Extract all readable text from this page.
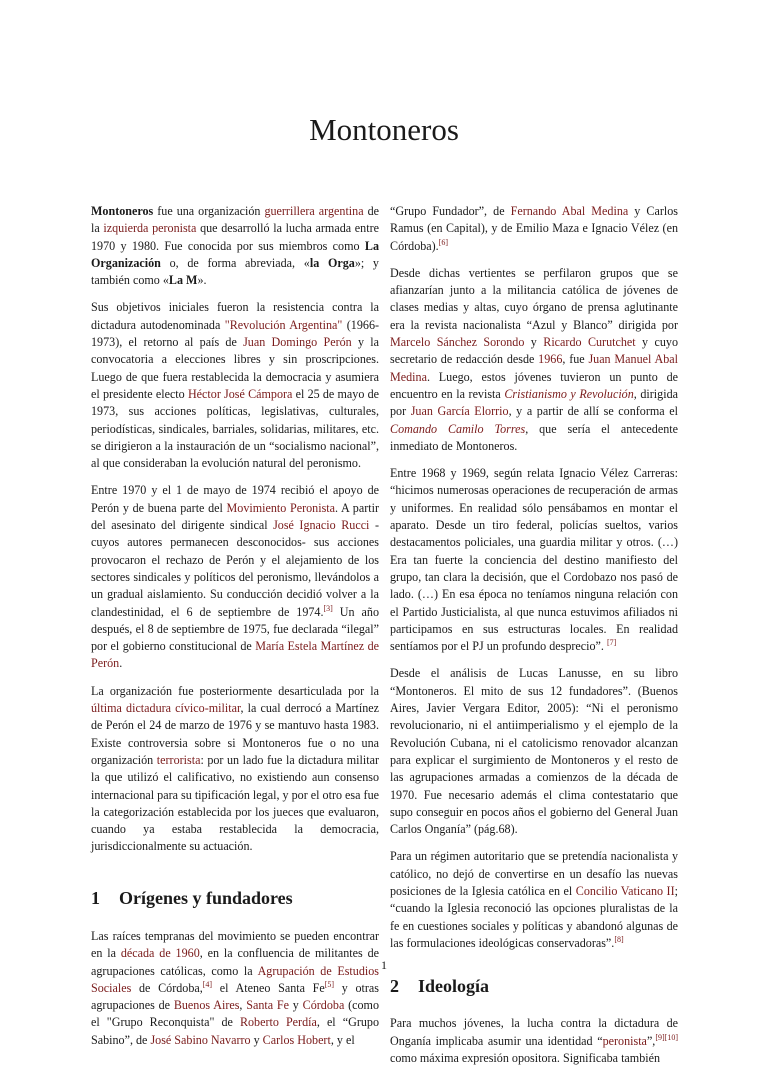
Montoneros

Montoneros fue una organización guerrillera argentina de la izquierda peronista que desarrolló la lucha armada entre 1970 y 1980. Fue conocida por sus miembros como La Organización o, de forma abreviada, «la Orga»; y también como «La M».

Sus objetivos iniciales fueron la resistencia contra la dictadura autodenominada "Revolución Argentina" (1966-1973), el retorno al país de Juan Domingo Perón y la convocatoria a elecciones libres y sin proscripciones. Luego de que fuera restablecida la democracia y asumiera el presidente electo Héctor José Cámpora el 25 de mayo de 1973, sus acciones políticas, legislativas, culturales, periodísticas, sindicales, barriales, solidarias, militares, etc. se dirigieron a la instauración de un “socialismo nacional”, al que consideraban la evolución natural del peronismo.

Entre 1970 y el 1 de mayo de 1974 recibió el apoyo de Perón y de buena parte del Movimiento Peronista. A partir del asesinato del dirigente sindical José Ignacio Rucci -cuyos autores permanecen desconocidos- sus acciones provocaron el rechazo de Perón y el alejamiento de los sectores sindicales y políticos del peronismo, llevándolos a un gradual aislamiento. Su conducción decidió volver a la clandestinidad, el 6 de septiembre de 1974.[3] Un año después, el 8 de septiembre de 1975, fue declarada “ilegal” por el gobierno constitucional de María Estela Martínez de Perón.

La organización fue posteriormente desarticulada por la última dictadura cívico-militar, la cual derrocó a Martínez de Perón el 24 de marzo de 1976 y se mantuvo hasta 1983. Existe controversia sobre si Montoneros fue o no una organización terrorista: por un lado fue la dictadura militar la que utilizó el calificativo, no existiendo aun consenso internacional para su tipificación legal, y por el otro esa fue la categorización establecida por los jueces que evaluaron, cuando ya estaba restablecida la democracia, jurisdiccionalmente su actuación.

1 Orígenes y fundadores

Las raíces tempranas del movimiento se pueden encontrar en la década de 1960, en la confluencia de militantes de agrupaciones católicas, como la Agrupación de Estudios Sociales de Córdoba,[4] el Ateneo Santa Fe[5] y otras agrupaciones de Buenos Aires, Santa Fe y Córdoba (como el "Grupo Reconquista" de Roberto Perdía, el “Grupo Sabino”, de José Sabino Navarro y Carlos Hobert, y el

“Grupo Fundador”, de Fernando Abal Medina y Carlos Ramus (en Capital), y de Emilio Maza e Ignacio Vélez (en Córdoba).[6]

Desde dichas vertientes se perfilaron grupos que se afianzarían junto a la militancia católica de jóvenes de clases medias y altas, cuyo órgano de prensa aglutinante era la revista nacionalista “Azul y Blanco” dirigida por Marcelo Sánchez Sorondo y Ricardo Curutchet y cuyo secretario de redacción desde 1966, fue Juan Manuel Abal Medina. Luego, estos jóvenes tuvieron un punto de encuentro en la revista Cristianismo y Revolución, dirigida por Juan García Elorrio, y a partir de allí se conforma el Comando Camilo Torres, que sería el antecedente inmediato de Montoneros.

Entre 1968 y 1969, según relata Ignacio Vélez Carreras: “hicimos numerosas operaciones de recuperación de armas y uniformes. En realidad sólo pensábamos en montar el aparato. Desde un tiro federal, policías sueltos, varios destacamentos policiales, una guardia militar y otros. (…) Era tan fuerte la conciencia del destino manifiesto del grupo, tan clara la decisión, que el Cordobazo nos pasó de lado. (…) En esa época no teníamos ninguna relación con el Partido Justicialista, al que nunca estuvimos afiliados ni participamos en sus estructuras locales. En realidad sentíamos por el PJ un profundo desprecio”. [7]

Desde el análisis de Lucas Lanusse, en su libro “Montoneros. El mito de sus 12 fundadores”. (Buenos Aires, Javier Vergara Editor, 2005): “Ni el peronismo revolucionario, ni el antiimperialismo y el ejemplo de la Revolución Cubana, ni el catolicismo renovador alcanzan para explicar el surgimiento de Montoneros y el resto de las agrupaciones armadas a comienzos de la década de 1970. Fue necesario además el clima contestatario que supo conseguir en pocos años el gobierno del General Juan Carlos Onganía” (pág.68).

Para un régimen autoritario que se pretendía nacionalista y católico, no dejó de convertirse en un desafío las nuevas posiciones de la Iglesia católica en el Concilio Vaticano II; “cuando la Iglesia reconoció las opciones pluralistas de la fe en cuestiones sociales y políticas y abandonó algunas de las formulaciones ideológicas conservadoras”.[8]

2 Ideología

Para muchos jóvenes, la lucha contra la dictadura de Onganía implicaba asumir una identidad “peronista”,[9][10] como máxima expresión opositora. Significaba también

1
